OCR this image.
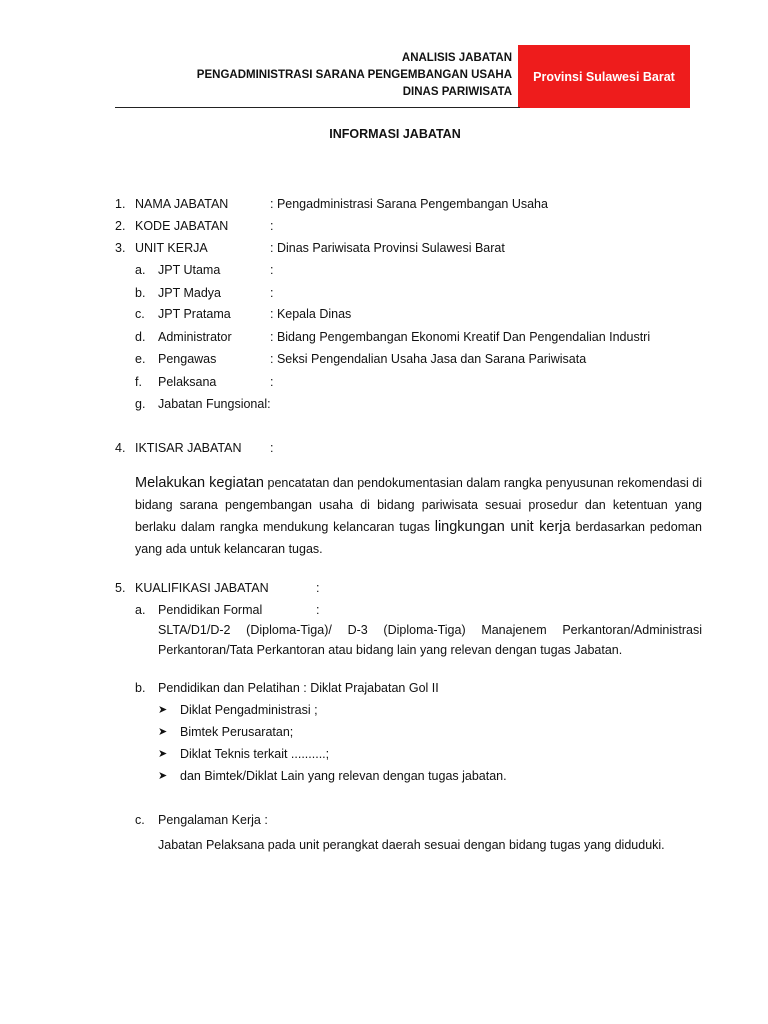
ANALISIS JABATAN
PENGADMINISTRASI SARANA PENGEMBANGAN USAHA
DINAS PARIWISATA
Provinsi Sulawesi Barat
INFORMASI JABATAN
1. NAMA JABATAN	: Pengadministrasi Sarana Pengembangan Usaha
2. KODE JABATAN	:
3. UNIT KERJA	: Dinas Pariwisata Provinsi Sulawesi Barat
a. JPT Utama	:
b. JPT Madya	:
c. JPT Pratama	: Kepala Dinas
d. Administrator	: Bidang Pengembangan Ekonomi Kreatif Dan Pengendalian Industri
e. Pengawas	: Seksi Pengendalian Usaha Jasa dan Sarana Pariwisata
f. Pelaksana	:
g. Jabatan Fungsional:
4. IKTISAR JABATAN :
Melakukan kegiatan pencatatan dan pendokumentasian dalam rangka penyusunan rekomendasi di bidang sarana pengembangan usaha di bidang pariwisata sesuai prosedur dan ketentuan yang berlaku dalam rangka mendukung kelancaran tugas lingkungan unit kerja berdasarkan pedoman yang ada untuk kelancaran tugas.
5. KUALIFIKASI JABATAN	:
a. Pendidikan Formal	:
SLTA/D1/D-2 (Diploma-Tiga)/ D-3 (Diploma-Tiga) Manajenem Perkantoran/Administrasi Perkantoran/Tata Perkantoran atau bidang lain yang relevan dengan tugas Jabatan.
b. Pendidikan dan Pelatihan : Diklat Prajabatan Gol II
➤ Diklat Pengadministrasi ;
➤ Bimtek Perusaratan;
➤ Diklat Teknis terkait ..........;
➤ dan Bimtek/Diklat Lain yang relevan dengan tugas jabatan.
c. Pengalaman Kerja :
Jabatan Pelaksana pada unit perangkat daerah sesuai dengan bidang tugas yang diduduki.
